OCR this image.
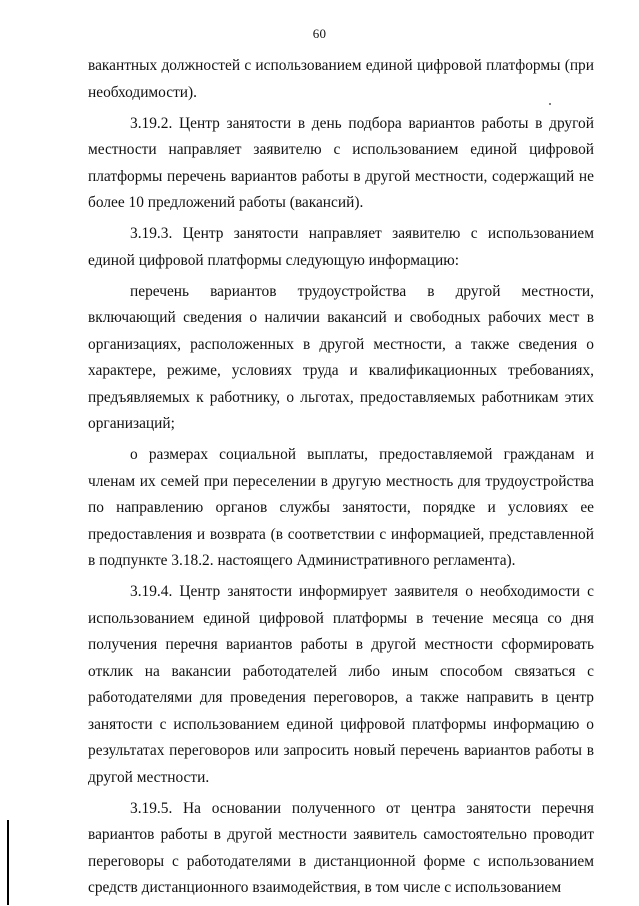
60

вакантных должностей с использованием единой цифровой платформы (при необходимости).

3.19.2. Центр занятости в день подбора вариантов работы в другой местности направляет заявителю с использованием единой цифровой платформы перечень вариантов работы в другой местности, содержащий не более 10 предложений работы (вакансий).

3.19.3. Центр занятости направляет заявителю с использованием единой цифровой платформы следующую информацию:

перечень вариантов трудоустройства в другой местности, включающий сведения о наличии вакансий и свободных рабочих мест в организациях, расположенных в другой местности, а также сведения о характере, режиме, условиях труда и квалификационных требованиях, предъявляемых к работнику, о льготах, предоставляемых работникам этих организаций;

о размерах социальной выплаты, предоставляемой гражданам и членам их семей при переселении в другую местность для трудоустройства по направлению органов службы занятости, порядке и условиях ее предоставления и возврата (в соответствии с информацией, представленной в подпункте 3.18.2. настоящего Административного регламента).

3.19.4. Центр занятости информирует заявителя о необходимости с использованием единой цифровой платформы в течение месяца со дня получения перечня вариантов работы в другой местности сформировать отклик на вакансии работодателей либо иным способом связаться с работодателями для проведения переговоров, а также направить в центр занятости с использованием единой цифровой платформы информацию о результатах переговоров или запросить новый перечень вариантов работы в другой местности.

3.19.5. На основании полученного от центра занятости перечня вариантов работы в другой местности заявитель самостоятельно проводит переговоры с работодателями в дистанционной форме с использованием средств дистанционного взаимодействия, в том числе с использованием
